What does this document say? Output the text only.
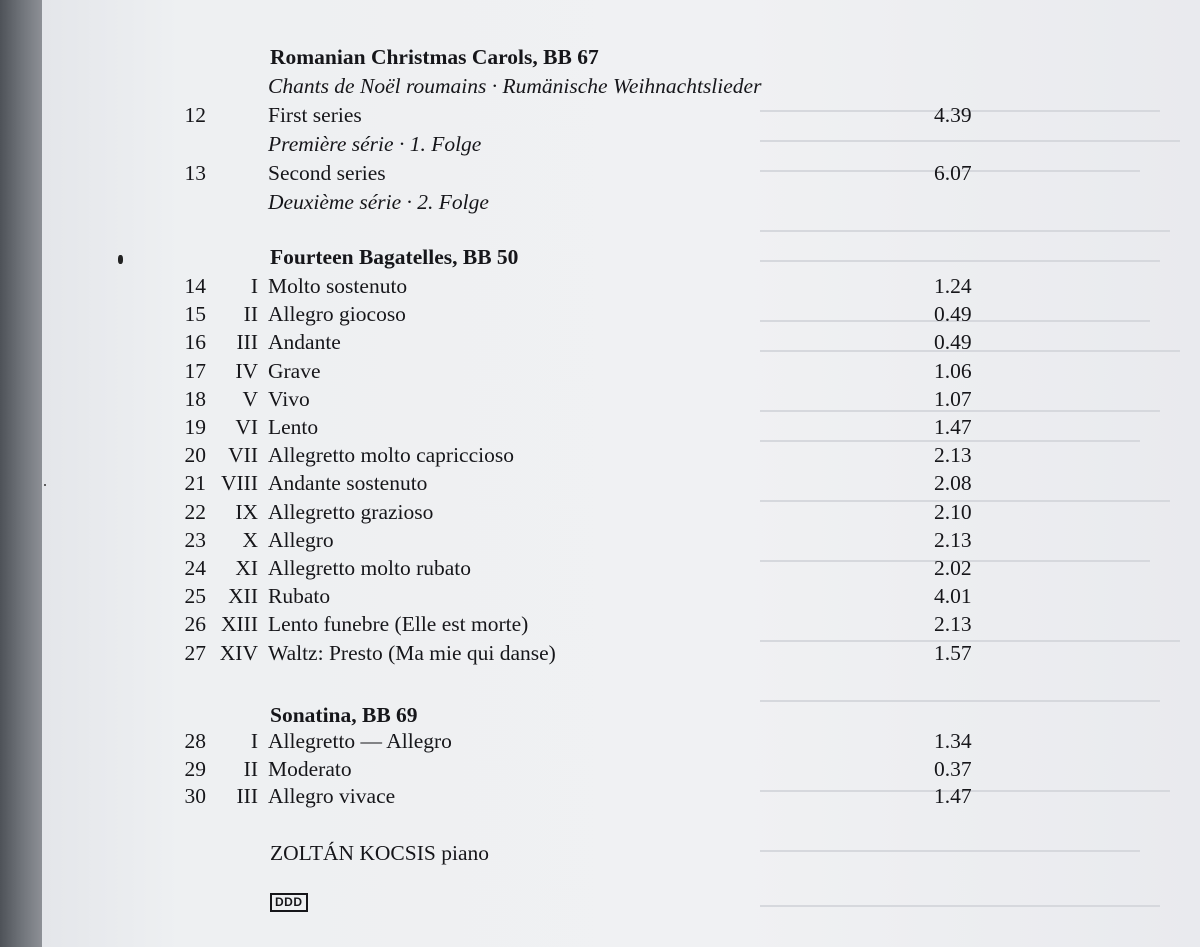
Romanian Christmas Carols, BB 67
Chants de Noël roumains · Rumänische Weihnachtslieder
12	First series	4.39
Première série · 1. Folge
13	Second series	6.07
Deuxième série · 2. Folge
Fourteen Bagatelles, BB 50
14	I Molto sostenuto	1.24
15	II Allegro giocoso	0.49
16	III Andante	0.49
17	IV Grave	1.06
18	V Vivo	1.07
19	VI Lento	1.47
20	VII Allegretto molto capriccioso	2.13
21 VIII Andante sostenuto	2.08
22	IX Allegretto grazioso	2.10
23	X Allegro	2.13
24	XI Allegretto molto rubato	2.02
25	XII Rubato	4.01
26 XIII Lento funebre (Elle est morte)	2.13
27 XIV Waltz: Presto (Ma mie qui danse)	1.57
Sonatina, BB 69
28	I Allegretto — Allegro	1.34
29	II Moderato	0.37
30	III Allegro vivace	1.47
ZOLTÁN KOCSIS piano
DDD
